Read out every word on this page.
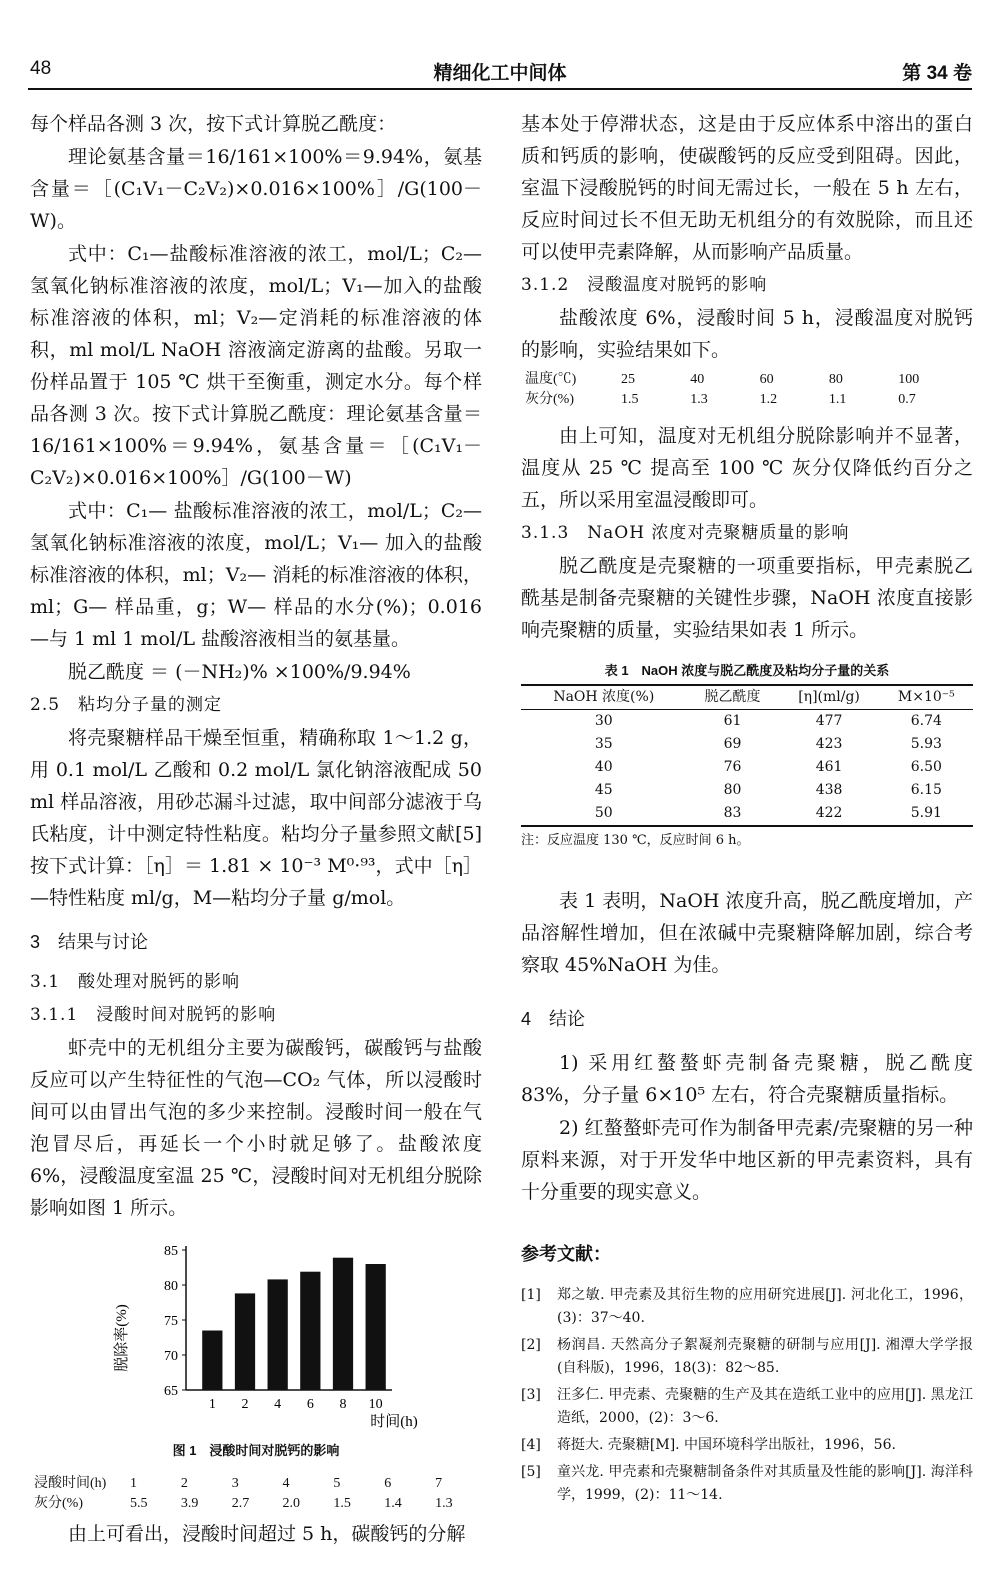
48	精细化工中间体	第 34 卷
每个样品各测 3 次，按下式计算脱乙酰度：
理论氨基含量＝16/161×100%＝9.94%，氨基含量＝［(C₁V₁－C₂V₂)×0.016×100%］/G(100－W)。
式中：C₁—盐酸标准溶液的浓工，mol/L；C₂—氢氧化钠标准溶液的浓度，mol/L；V₁—加入的盐酸标准溶液的体积，ml；V₂—定消耗的标准溶液的体积，ml mol/L NaOH 溶液滴定游离的盐酸。另取一份样品置于 105 ℃ 烘干至衡重，测定水分。每个样品各测 3 次。按下式计算脱乙酰度：理论氨基含量＝16/161×100%＝9.94%，氨基含量＝［(C₁V₁－C₂V₂)×0.016×100%］/G(100－W)
式中：C₁— 盐酸标准溶液的浓工，mol/L；C₂—氢氧化钠标准溶液的浓度，mol/L；V₁— 加入的盐酸标准溶液的体积，ml；V₂— 消耗的标准溶液的体积，ml；G— 样品重，g；W— 样品的水分(%)；0.016—与 1 ml 1 mol/L 盐酸溶液相当的氨基量。
脱乙酰度 ＝ (－NH₂)% ×100%/9.94%
2.5　粘均分子量的测定
将壳聚糖样品干燥至恒重，精确称取 1～1.2 g，用 0.1 mol/L 乙酸和 0.2 mol/L 氯化钠溶液配成 50 ml 样品溶液，用砂芯漏斗过滤，取中间部分滤液于乌氏粘度，计中测定特性粘度。粘均分子量参照文献[5]按下式计算：［η］＝ 1.81 × 10⁻³ M⁰·⁹³，式中［η］—特性粘度 ml/g，M—粘均分子量 g/mol。
3　结果与讨论
3.1　酸处理对脱钙的影响
3.1.1　浸酸时间对脱钙的影响
虾壳中的无机组分主要为碳酸钙，碳酸钙与盐酸反应可以产生特征性的气泡—CO₂ 气体，所以浸酸时间可以由冒出气泡的多少来控制。浸酸时间一般在气泡冒尽后，再延长一个小时就足够了。盐酸浓度 6%，浸酸温度室温 25 ℃，浸酸时间对无机组分脱除影响如图 1 所示。
脱除率(%)
时间(h)
85
80
75
70
65
1 2 4 6 8 10
图 1　浸酸时间对脱钙的影响
浸酸时间(h)	1	2	3	4	5	6	7
灰分(%)	5.5	3.9	2.7	2.0	1.5	1.4	1.3
由上可看出，浸酸时间超过 5 h，碳酸钙的分解
基本处于停滞状态，这是由于反应体系中溶出的蛋白质和钙质的影响，使碳酸钙的反应受到阻碍。因此，室温下浸酸脱钙的时间无需过长，一般在 5 h 左右，反应时间过长不但无助无机组分的有效脱除，而且还可以使甲壳素降解，从而影响产品质量。
3.1.2　浸酸温度对脱钙的影响
盐酸浓度 6%，浸酸时间 5 h，浸酸温度对脱钙的影响，实验结果如下。
温度(℃)	25	40	60	80	100
灰分(%)	1.5	1.3	1.2	1.1	0.7
由上可知，温度对无机组分脱除影响并不显著，温度从 25 ℃ 提高至 100 ℃ 灰分仅降低约百分之五，所以采用室温浸酸即可。
3.1.3　NaOH 浓度对壳聚糖质量的影响
脱乙酰度是壳聚糖的一项重要指标，甲壳素脱乙酰基是制备壳聚糖的关键性步骤，NaOH 浓度直接影响壳聚糖的质量，实验结果如表 1 所示。
表 1　NaOH 浓度与脱乙酰度及粘均分子量的关系
NaOH 浓度(%)	脱乙酰度	[η](ml/g)	M×10⁻⁵
30	61	477	6.74
35	69	423	5.93
40	76	461	6.50
45	80	438	6.15
50	83	422	5.91
注：反应温度 130 ℃，反应时间 6 h。
表 1 表明，NaOH 浓度升高，脱乙酰度增加，产品溶解性增加，但在浓碱中壳聚糖降解加剧，综合考察取 45%NaOH 为佳。
4　结论
1) 采用红螯螯虾壳制备壳聚糖，脱乙酰度 83%，分子量 6×10⁵ 左右，符合壳聚糖质量指标。
2) 红螯螯虾壳可作为制备甲壳素/壳聚糖的另一种原料来源，对于开发华中地区新的甲壳素资料，具有十分重要的现实意义。
参考文献：
[1]	郑之敏. 甲壳素及其衍生物的应用研究进展[J]. 河北化工，1996，(3)：37～40.
[2]	杨润昌. 天然高分子絮凝剂壳聚糖的研制与应用[J]. 湘潭大学学报(自科版)，1996，18(3)：82～85.
[3]	汪多仁. 甲壳素、壳聚糖的生产及其在造纸工业中的应用[J]. 黑龙江造纸，2000，(2)：3～6.
[4]	蒋挺大. 壳聚糖[M]. 中国环境科学出版社，1996，56.
[5]	童兴龙. 甲壳素和壳聚糖制备条件对其质量及性能的影响[J]. 海洋科学，1999，(2)：11～14.
